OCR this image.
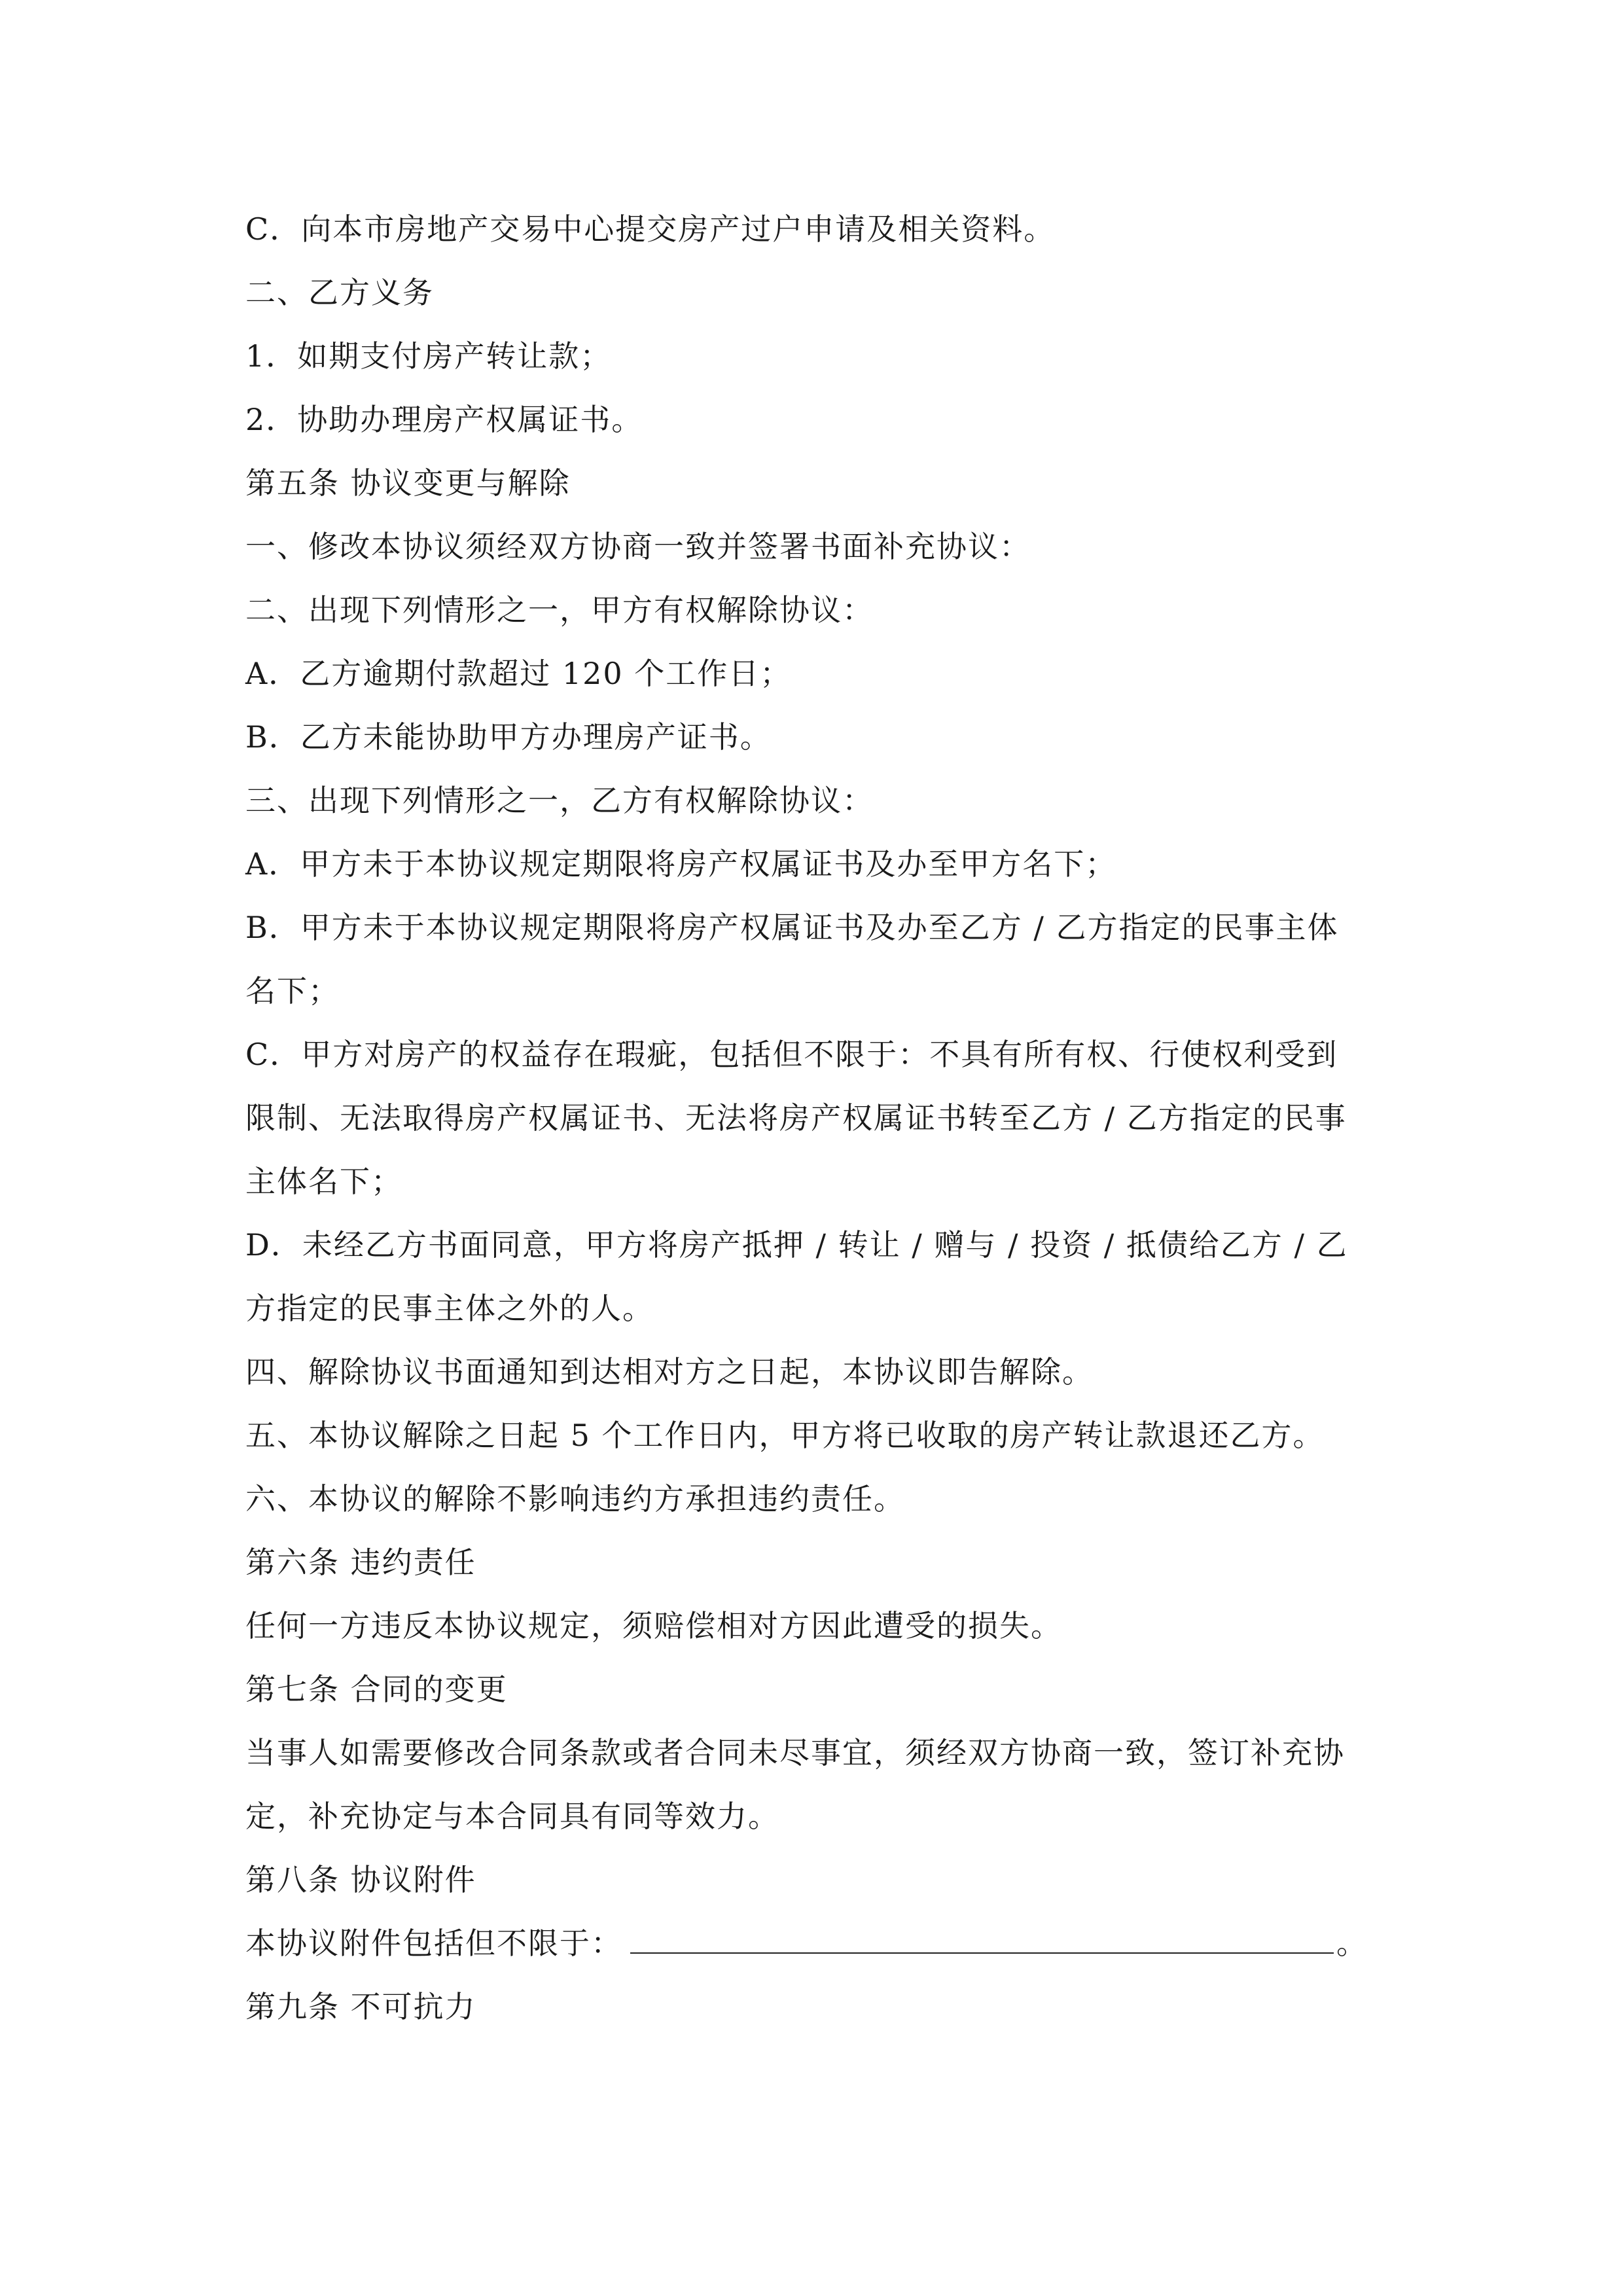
C．向本市房地产交易中心提交房产过户申请及相关资料。
二、乙方义务
1．如期支付房产转让款；
2．协助办理房产权属证书。
第五条 协议变更与解除
一、修改本协议须经双方协商一致并签署书面补充协议：
二、出现下列情形之一，甲方有权解除协议：
A．乙方逾期付款超过 120 个工作日；
B．乙方未能协助甲方办理房产证书。
三、出现下列情形之一，乙方有权解除协议：
A．甲方未于本协议规定期限将房产权属证书及办至甲方名下；
B．甲方未于本协议规定期限将房产权属证书及办至乙方 / 乙方指定的民事主体
名下；
C．甲方对房产的权益存在瑕疵，包括但不限于：不具有所有权、行使权利受到
限制、无法取得房产权属证书、无法将房产权属证书转至乙方 / 乙方指定的民事
主体名下；
D．未经乙方书面同意，甲方将房产抵押 / 转让 / 赠与 / 投资 / 抵债给乙方 / 乙
方指定的民事主体之外的人。
四、解除协议书面通知到达相对方之日起，本协议即告解除。
五、本协议解除之日起 5 个工作日内，甲方将已收取的房产转让款退还乙方。
六、本协议的解除不影响违约方承担违约责任。
第六条 违约责任
任何一方违反本协议规定，须赔偿相对方因此遭受的损失。
第七条 合同的变更
当事人如需要修改合同条款或者合同未尽事宜，须经双方协商一致，签订补充协
定，补充协定与本合同具有同等效力。
第八条 协议附件
本协议附件包括但不限于：	。
第九条 不可抗力
